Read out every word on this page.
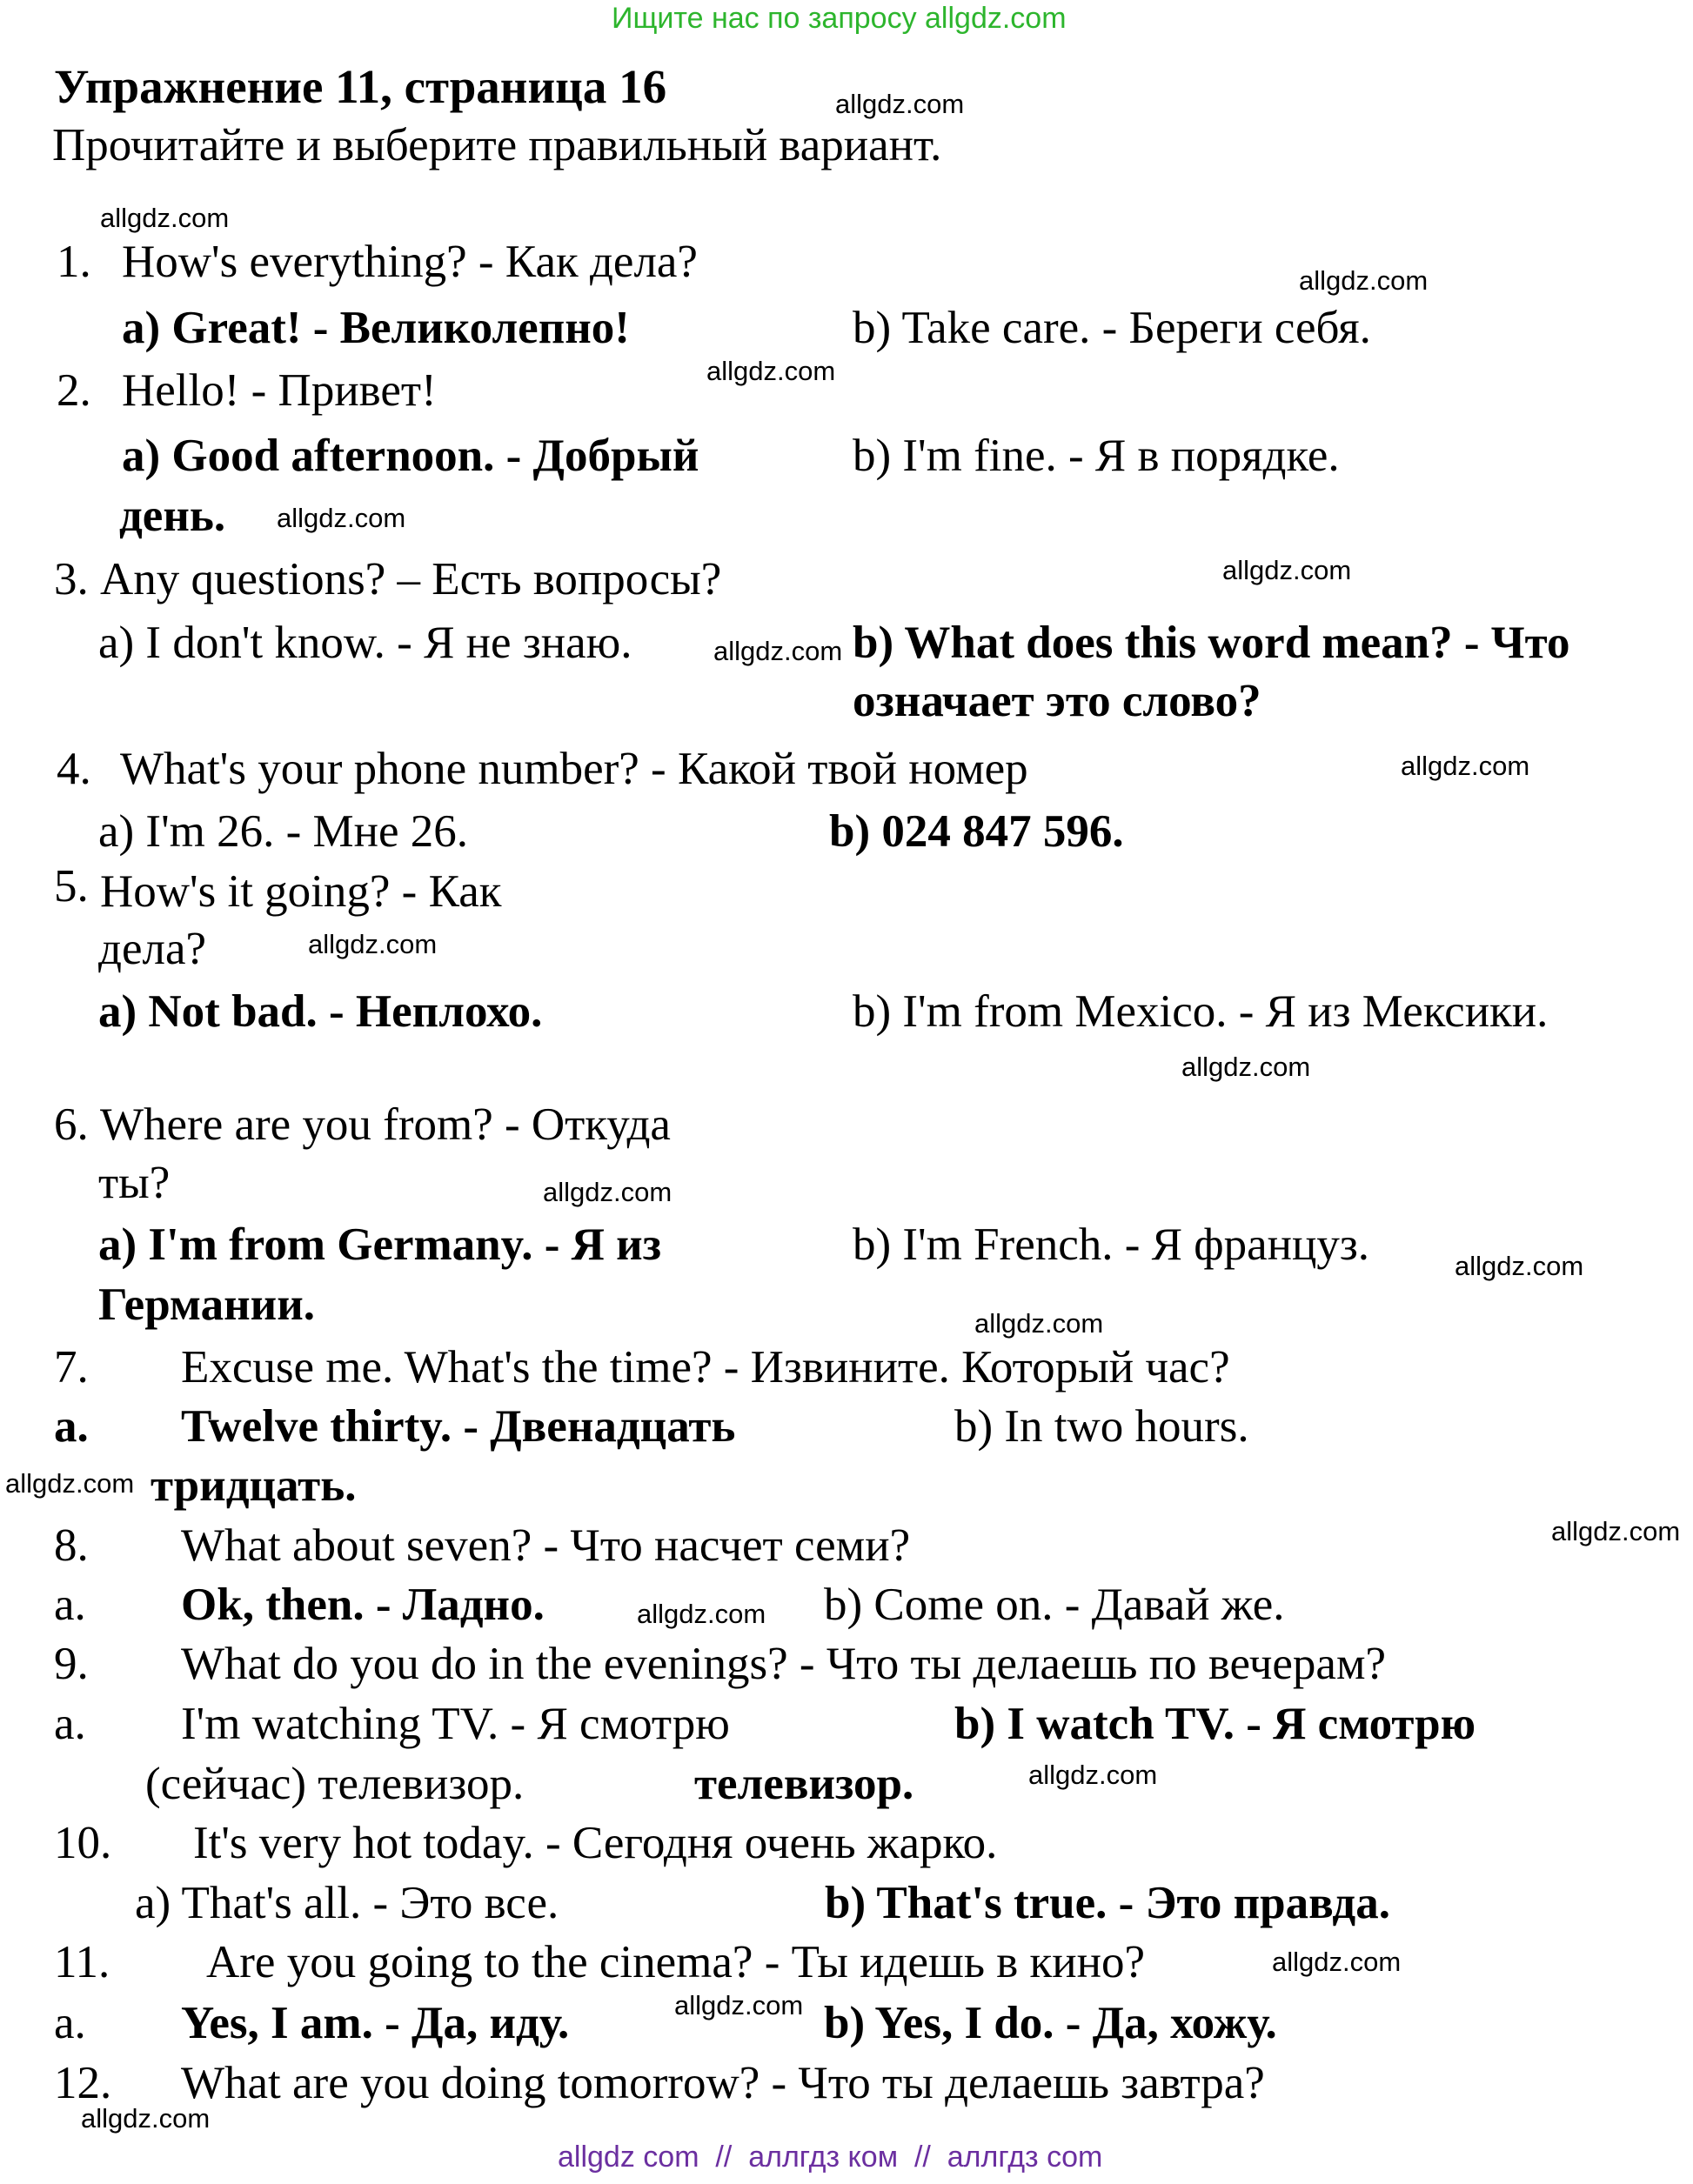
Ищите нас по запросу allgdz.com
Упражнение 11, страница 16
Прочитайте и выберите правильный вариант.
1. How's everything? - Как дела?
a) Great! - Великолепно!	b) Take care. - Береги себя.
2. Hello! - Привет!
a) Good afternoon. - Добрый
день.
b) I'm fine. - Я в порядке.
3. Any questions? – Есть вопросы?
a) I don't know. - Я не знаю.	b) What does this word mean? - Что
означает это слово?
4. What's your phone number? - Какой твой номер
a) I'm 26. - Мне 26.	b) 024 847 596.
5. How's it going? - Как
дела?
a) Not bad. - Неплохо.	b) I'm from Mexico. - Я из Мексики.
6. Where are you from? - Откуда
ты?
a) I'm from Germany. - Я из
Германии.
b) I'm French. - Я француз.
7. Excuse me. What's the time? - Извините. Который час?
a. Twelve thirty. - Двенадцать
тридцать.
b) In two hours.
8. What about seven? - Что насчет семи?
a. Ok, then. - Ладно.	b) Come on. - Давай же.
9. What do you do in the evenings? - Что ты делаешь по вечерам?
a. I'm watching TV. - Я смотрю
(сейчас) телевизор.
b) I watch TV. - Я смотрю
телевизор.
10. It's very hot today. - Сегодня очень жарко.
a) That's all. - Это все.	b) That's true. - Это правда.
11. Are you going to the cinema? - Ты идешь в кино?
a. Yes, I am. - Да, иду.	b) Yes, I do. - Да, хожу.
12. What are you doing tomorrow? - Что ты делаешь завтра?
allgdz.com
allgdz.com
allgdz.com
allgdz.com
allgdz.com
allgdz.com
allgdz.com
allgdz.com
allgdz.com
allgdz.com
allgdz.com
allgdz.com
allgdz.com
allgdz.com
allgdz.com
allgdz.com
allgdz.com
allgdz.com
allgdz.com
allgdz.com
allgdz com  //  аллгдз ком  //  аллгдз com
